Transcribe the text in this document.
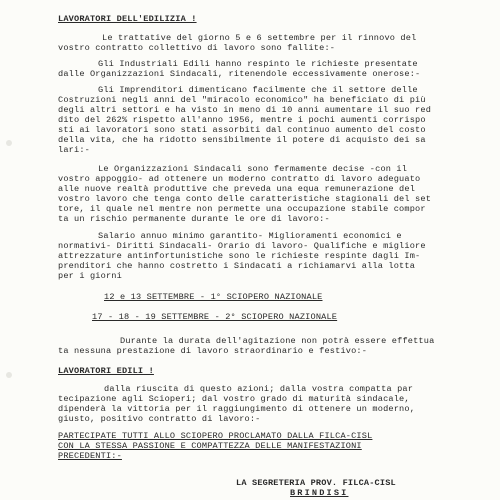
LAVORATORI DELL'EDILIZIA !
Le trattative del giorno 5 e 6 settembre per il rinnovo del
vostro contratto collettivo di lavoro sono fallite:-
Gli Industriali Edili hanno respinto le richieste presentate
dalle Organizzazioni Sindacali, ritenendole eccessivamente onerose:-
Gli Imprenditori dimenticano facilmente che il settore delle
Costruzioni negli anni del "miracolo economico" ha beneficiato di più
degli altri settori e ha visto in meno di 10 anni aumentare il suo red
dito del 262% rispetto all'anno 1956, mentre i pochi aumenti corrispo
sti ai lavoratori sono stati assorbiti dal continuo aumento del costo
della vita, che ha ridotto sensibilmente il potere di acquisto dei sa
lari:-
Le Organizzazioni Sindacali sono fermamente decise -con il
vostro appoggio- ad ottenere un moderno contratto di lavoro adeguato
alle nuove realtà produttive che preveda una equa remunerazione del
vostro lavoro che tenga conto delle caratteristiche stagionali del set
tore, il quale nel mentre non permette una occupazione stabile compor
ta un rischio permanente durante le ore di lavoro:-
Salario annuo minimo garantito- Miglioramenti economici e
normativi- Diritti Sindacali- Orario di lavoro- Qualifiche e migliore
attrezzature antinfortunistiche sono le richieste respinte dagli Im-
prenditori che hanno costretto i Sindacati a richiamarvi alla lotta
per i giorni
12 e 13 SETTEMBRE - 1° SCIOPERO NAZIONALE
17 - 18 - 19 SETTEMBRE - 2° SCIOPERO NAZIONALE
Durante la durata dell'agitazione non potrà essere effettua
ta nessuna prestazione di lavoro straordinario e festivo:-
LAVORATORI EDILI !
dalla riuscita di questo azioni; dalla vostra compatta par
tecipazione agli Scioperi; dal vostro grado di maturità sindacale,
dipenderà la vittoria per il raggiungimento di ottenere un moderno,
giusto, positivo contratto di lavoro:-
PARTECIPATE TUTTI ALLO SCIOPERO PROCLAMATO DALLA FILCA-CISL
CON LA STESSA PASSIONE E COMPATTEZZA DELLE MANIFESTAZIONI
PRECEDENTI:-
LA SEGRETERIA PROV. FILCA-CISL
BRINDISI
